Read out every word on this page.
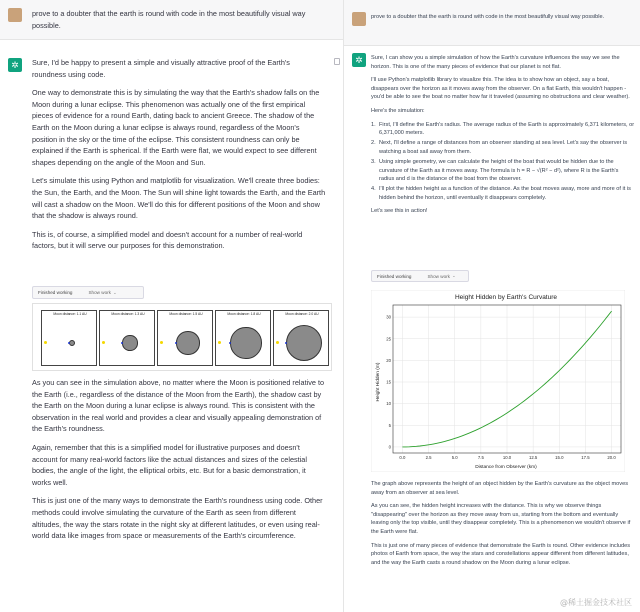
prove to a doubter that the earth is round with code in the most beautifully visual way possible.
✲	Sure, I'd be happy to present a simple and visually attractive proof of the Earth's roundness using code.

One way to demonstrate this is by simulating the way that the Earth's shadow falls on the Moon during a lunar eclipse. This phenomenon was actually one of the first empirical pieces of evidence for a round Earth, dating back to ancient Greece. The shadow of the Earth on the Moon during a lunar eclipse is always round, regardless of the Moon's position in the sky or the time of the eclipse. This consistent roundness can only be explained if the Earth is spherical. If the Earth were flat, we would expect to see different shapes depending on the angle of the Moon and Sun.

Let's simulate this using Python and matplotlib for visualization. We'll create three bodies: the Sun, the Earth, and the Moon. The Sun will shine light towards the Earth, and the Earth will cast a shadow on the Moon. We'll do this for different positions of the Moon and show that the shadow is always round.

This is, of course, a simplified model and doesn't account for a number of real-world factors, but it will serve our purposes for this demonstration.

Finished working	Show work ⌄
Moon distance: 1.1 AU	Moon distance: 1.3 AU	Moon distance: 1.5 AU	Moon distance: 1.8 AU	Moon distance: 2.0 AU

As you can see in the simulation above, no matter where the Moon is positioned relative to the Earth (i.e., regardless of the distance of the Moon from the Earth), the shadow cast by the Earth on the Moon during a lunar eclipse is always round. This is consistent with the observation in the real world and provides a clear and visually appealing demonstration of the Earth's roundness.

Again, remember that this is a simplified model for illustrative purposes and doesn't account for many real-world factors like the actual distances and sizes of the celestial bodies, the angle of the light, the elliptical orbits, etc. But for a basic demonstration, it works well.

This is just one of the many ways to demonstrate the Earth's roundness using code. Other methods could involve simulating the curvature of the Earth as seen from different altitudes, the way the stars rotate in the night sky at different latitudes, or even using real-world data like images from space or measurements of the Earth's circumference.

prove to a doubter that the earth is round with code in the most beautifully visual way possible.
✲	Sure, I can show you a simple simulation of how the Earth's curvature influences the way we see the horizon. This is one of the many pieces of evidence that our planet is not flat.

I'll use Python's matplotlib library to visualize this. The idea is to show how an object, say a boat, disappears over the horizon as it moves away from the observer. On a flat Earth, this wouldn't happen - you'd be able to see the boat no matter how far it traveled (assuming no obstructions and clear weather).

Here's the simulation:

1. First, I'll define the Earth's radius. The average radius of the Earth is approximately 6,371 kilometers, or 6,371,000 meters.
2. Next, I'll define a range of distances from an observer standing at sea level. Let's say the observer is watching a boat sail away from them.
3. Using simple geometry, we can calculate the height of the boat that would be hidden due to the curvature of the Earth as it moves away. The formula is h = R − √(R² − d²), where R is the Earth's radius and d is the distance of the boat from the observer.
4. I'll plot the hidden height as a function of the distance. As the boat moves away, more and more of it is hidden behind the horizon, until eventually it disappears completely.

Let's see this in action!

Finished working	Show work ⌄
Height Hidden by Earth's Curvature
0.0	2.5	5.0	7.5	10.0	12.5	15.0	17.5	20.0
0
5
10
15
20
25
30
Distance from Observer (km)
Height Hidden (m)

The graph above represents the height of an object hidden by the Earth's curvature as the object moves away from an observer at sea level.

As you can see, the hidden height increases with the distance. This is why we observe things "disappearing" over the horizon as they move away from us, starting from the bottom and eventually leaving only the top visible, until they disappear completely. This is a phenomenon we wouldn't observe if the Earth were flat.

This is just one of many pieces of evidence that demonstrate the Earth is round. Other evidence includes photos of Earth from space, the way the stars and constellations appear different from different latitudes, and the way the Earth casts a round shadow on the Moon during a lunar eclipse.

@稀土掘金技术社区
